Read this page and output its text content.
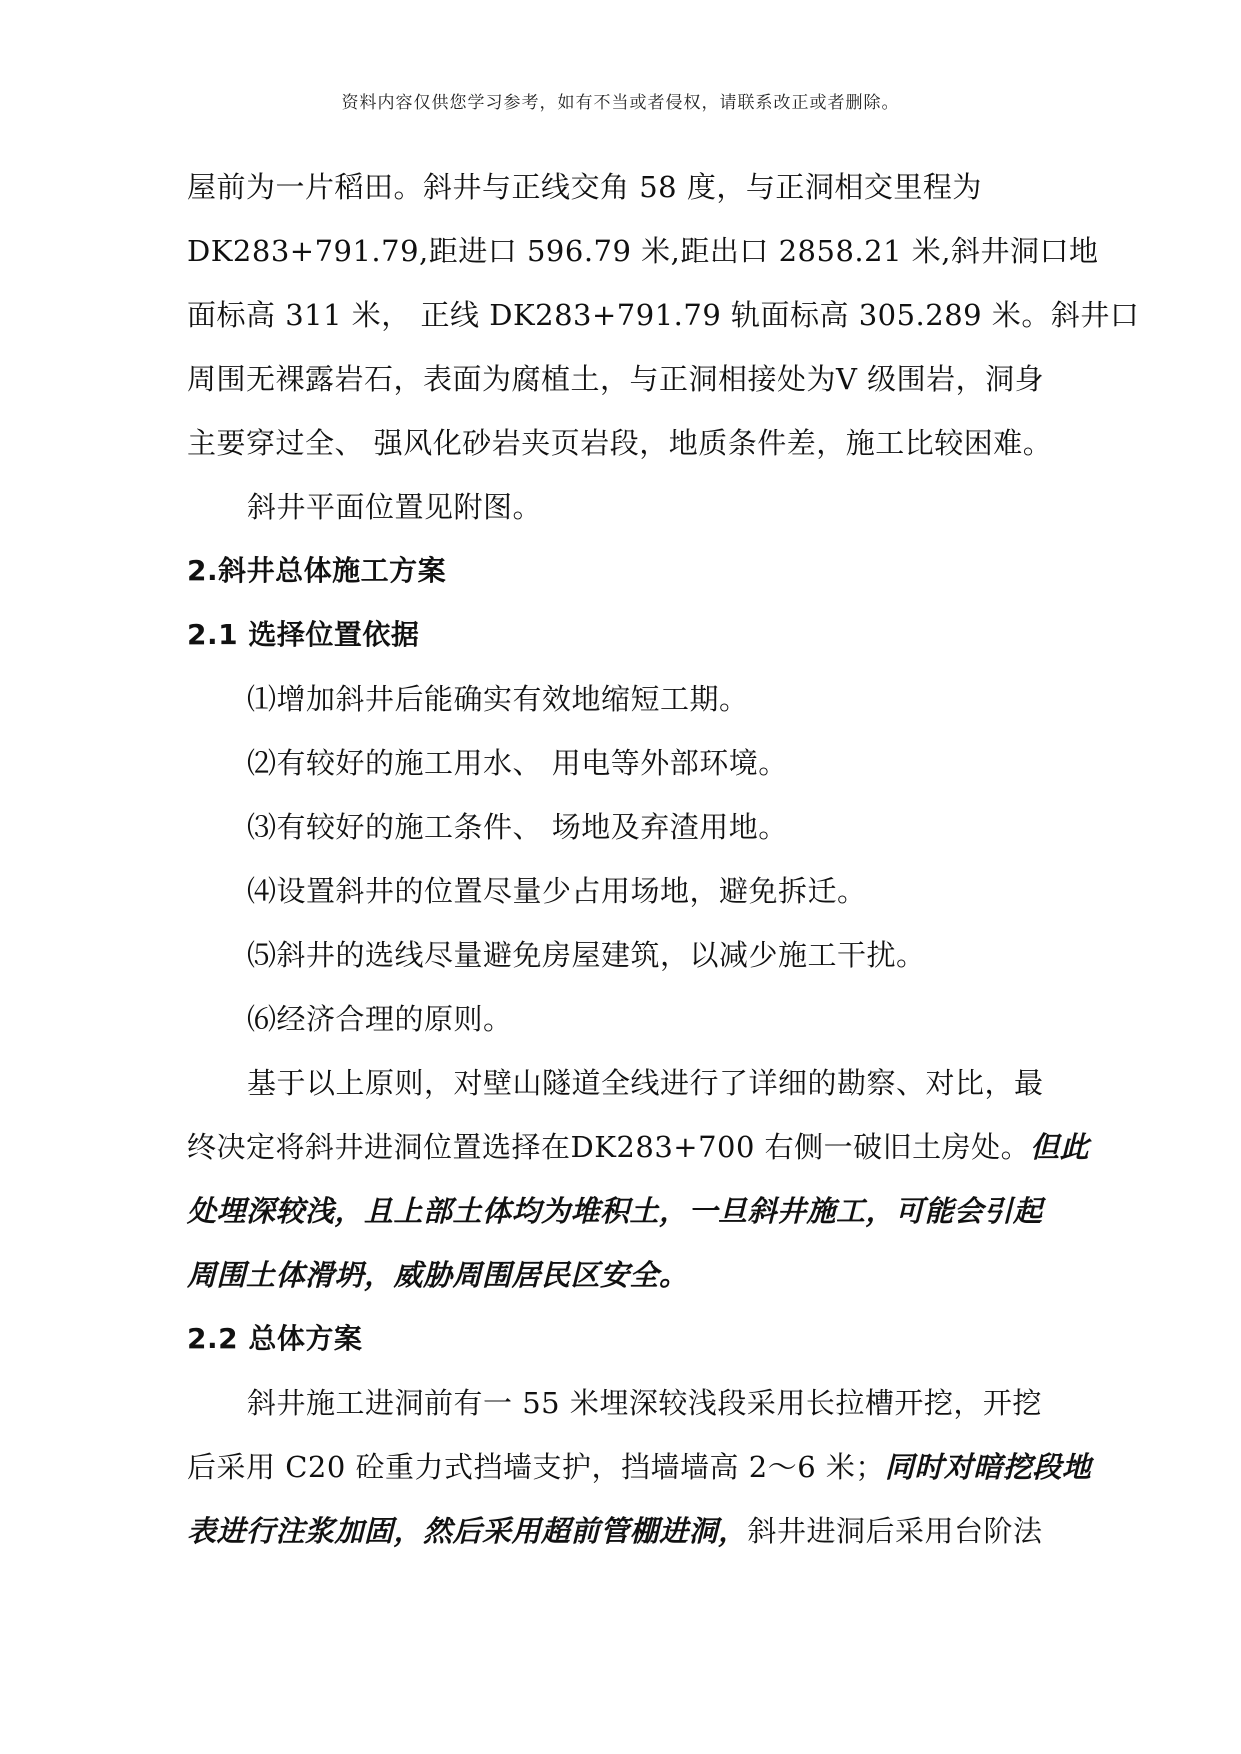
资料内容仅供您学习参考，如有不当或者侵权，请联系改正或者删除。
屋前为一片稻田。斜井与正线交角 58 度，与正洞相交里程为
DK283+791.79,距进口 596.79 米,距出口 2858.21 米,斜井洞口地
面标高 311 米， 正线 DK283+791.79 轨面标高 305.289 米。斜井口
周围无裸露岩石，表面为腐植土，与正洞相接处为V 级围岩，洞身
主要穿过全、 强风化砂岩夹页岩段，地质条件差，施工比较困难。
斜井平面位置见附图。
2.斜井总体施工方案
2.1 选择位置依据
⑴增加斜井后能确实有效地缩短工期。
⑵有较好的施工用水、 用电等外部环境。
⑶有较好的施工条件、 场地及弃渣用地。
⑷设置斜井的位置尽量少占用场地，避免拆迁。
⑸斜井的选线尽量避免房屋建筑，以减少施工干扰。
⑹经济合理的原则。
基于以上原则，对壁山隧道全线进行了详细的勘察、对比，最
终决定将斜井进洞位置选择在DK283+700 右侧一破旧土房处。但此
处埋深较浅，且上部土体均为堆积土，一旦斜井施工，可能会引起
周围土体滑坍，威胁周围居民区安全。
2.2 总体方案
斜井施工进洞前有一 55 米埋深较浅段采用长拉槽开挖，开挖
后采用 C20 砼重力式挡墙支护，挡墙墙高 2～6 米；同时对暗挖段地
表进行注浆加固，然后采用超前管棚进洞，斜井进洞后采用台阶法
